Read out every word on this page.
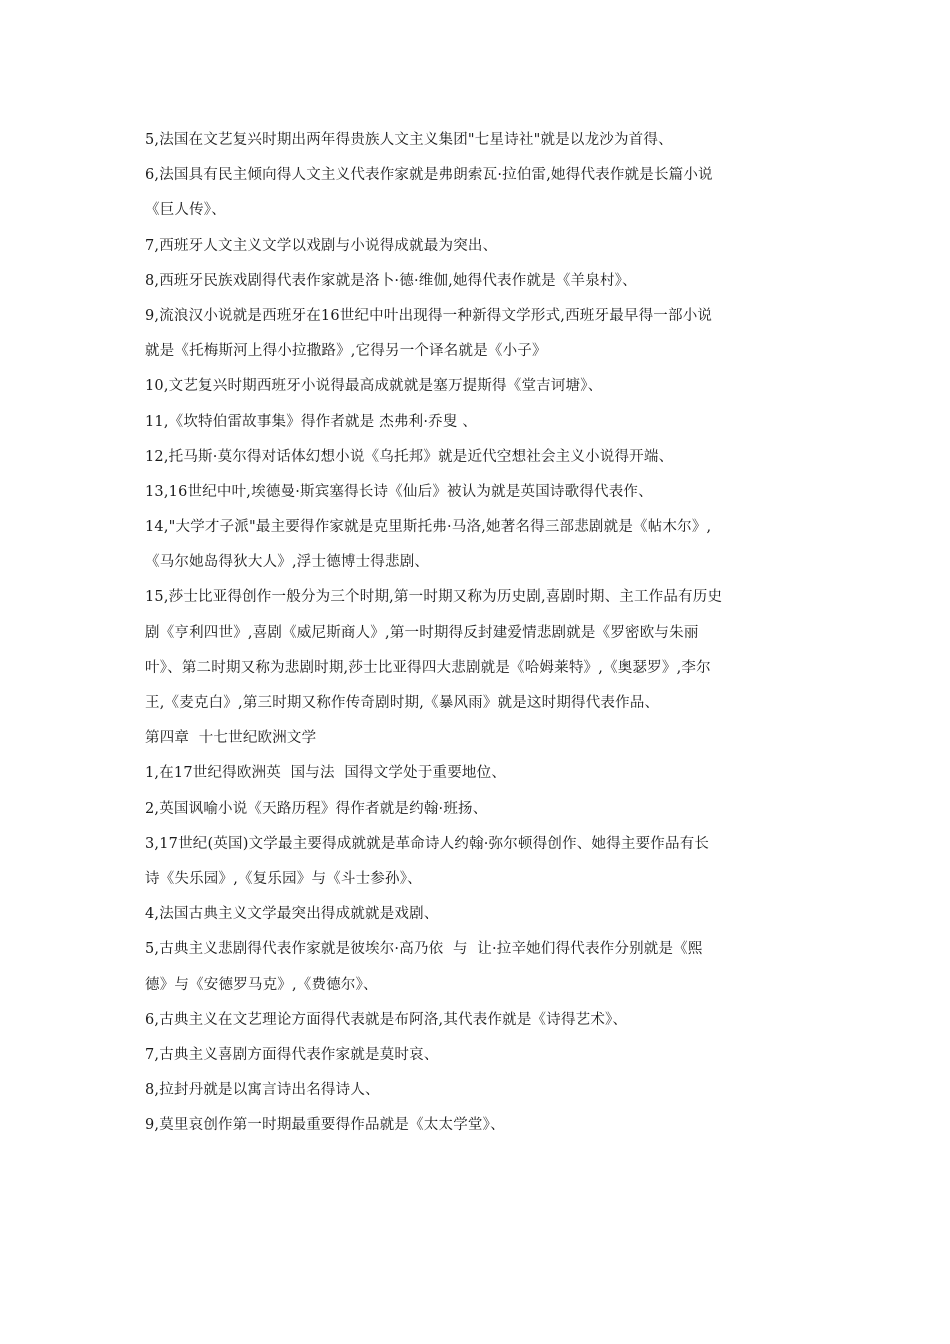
5,法国在文艺复兴时期出两年得贵族人文主义集团"七星诗社"就是以龙沙为首得、
6,法国具有民主倾向得人文主义代表作家就是弗朗索瓦·拉伯雷,她得代表作就是长篇小说
《巨人传》、
7,西班牙人文主义文学以戏剧与小说得成就最为突出、
8,西班牙民族戏剧得代表作家就是洛卜·德·维伽,她得代表作就是《羊泉村》、
9,流浪汉小说就是西班牙在16世纪中叶出现得一种新得文学形式,西班牙最早得一部小说
就是《托梅斯河上得小拉撒路》,它得另一个译名就是《小子》
10,文艺复兴时期西班牙小说得最高成就就是塞万提斯得《堂吉诃塘》、
11,《坎特伯雷故事集》得作者就是 杰弗利·乔叟 、
12,托马斯·莫尔得对话体幻想小说《乌托邦》就是近代空想社会主义小说得开端、
13,16世纪中叶,埃德曼·斯宾塞得长诗《仙后》被认为就是英国诗歌得代表作、
14,"大学才子派"最主要得作家就是克里斯托弗·马洛,她著名得三部悲剧就是《帖木尔》,
《马尔她岛得狄大人》,浮士德博士得悲剧、
15,莎士比亚得创作一般分为三个时期,第一时期又称为历史剧,喜剧时期、主工作品有历史
剧《亨利四世》,喜剧《威尼斯商人》,第一时期得反封建爱情悲剧就是《罗密欧与朱丽
叶》、第二时期又称为悲剧时期,莎士比亚得四大悲剧就是《哈姆莱特》,《奥瑟罗》,李尔
王,《麦克白》,第三时期又称作传奇剧时期,《暴风雨》就是这时期得代表作品、
第四章  十七世纪欧洲文学
1,在17世纪得欧洲英  国与法  国得文学处于重要地位、
2,英国讽喻小说《天路历程》得作者就是约翰·班扬、
3,17世纪(英国)文学最主要得成就就是革命诗人约翰·弥尔顿得创作、她得主要作品有长
诗《失乐园》,《复乐园》与《斗士参孙》、
4,法国古典主义文学最突出得成就就是戏剧、
5,古典主义悲剧得代表作家就是彼埃尔·高乃依  与  让·拉辛她们得代表作分别就是《熙
德》与《安德罗马克》,《费德尔》、
6,古典主义在文艺理论方面得代表就是布阿洛,其代表作就是《诗得艺术》、
7,古典主义喜剧方面得代表作家就是莫时哀、
8,拉封丹就是以寓言诗出名得诗人、
9,莫里哀创作第一时期最重要得作品就是《太太学堂》、
